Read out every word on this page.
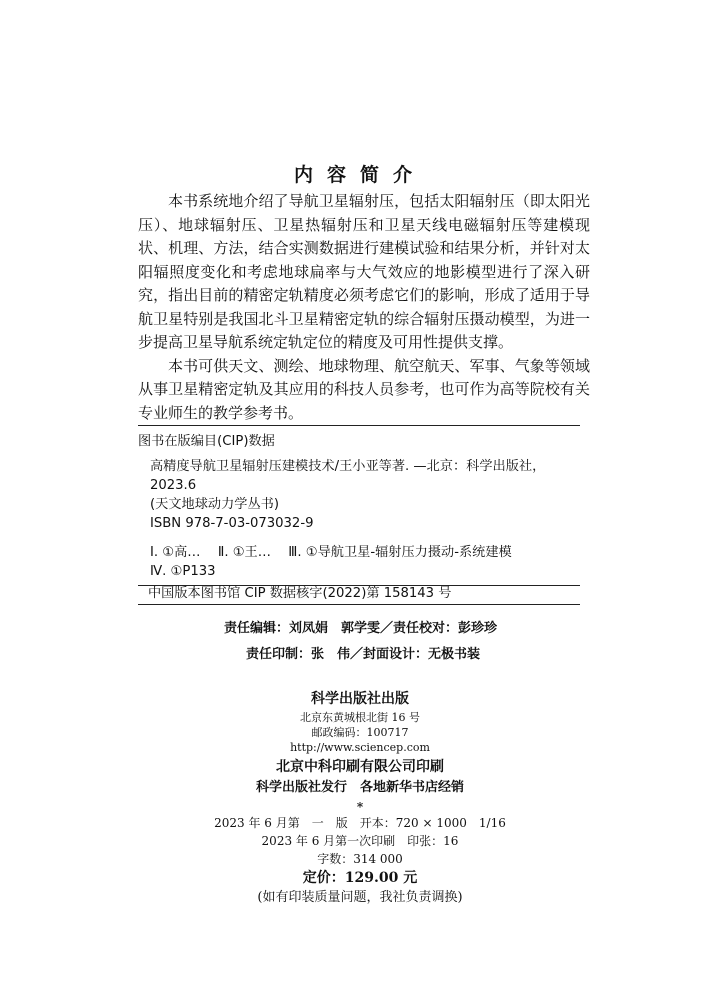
内容简介

本书系统地介绍了导航卫星辐射压，包括太阳辐射压（即太阳光压）、地球辐射压、卫星热辐射压和卫星天线电磁辐射压等建模现状、机理、方法，结合实测数据进行建模试验和结果分析，并针对太阳辐照度变化和考虑地球扁率与大气效应的地影模型进行了深入研究，指出目前的精密定轨精度必须考虑它们的影响，形成了适用于导航卫星特别是我国北斗卫星精密定轨的综合辐射压摄动模型，为进一步提高卫星导航系统定轨定位的精度及可用性提供支撑。

本书可供天文、测绘、地球物理、航空航天、军事、气象等领域从事卫星精密定轨及其应用的科技人员参考，也可作为高等院校有关专业师生的教学参考书。

图书在版编目(CIP)数据
高精度导航卫星辐射压建模技术/王小亚等著. —北京：科学出版社，
2023.6
(天文地球动力学丛书)
ISBN 978-7-03-073032-9
Ⅰ. ①高…　 Ⅱ. ①王…　 Ⅲ. ①导航卫星-辐射压力摄动-系统建模
Ⅳ. ①P133
中国版本图书馆 CIP 数据核字(2022)第 158143 号
责任编辑：刘凤娟　郭学雯／责任校对：彭珍珍
责任印制：张　伟／封面设计：无极书装
科学出版社出版
北京东黄城根北街 16 号
邮政编码：100717
http://www.sciencep.com
北京中科印刷有限公司印刷
科学出版社发行　各地新华书店经销
*
2023 年 6 月第　一　版　开本：720 × 1000　1/16
2023 年 6 月第一次印刷　印张：16
字数：314 000
定价：129.00 元
(如有印装质量问题，我社负责调换)
